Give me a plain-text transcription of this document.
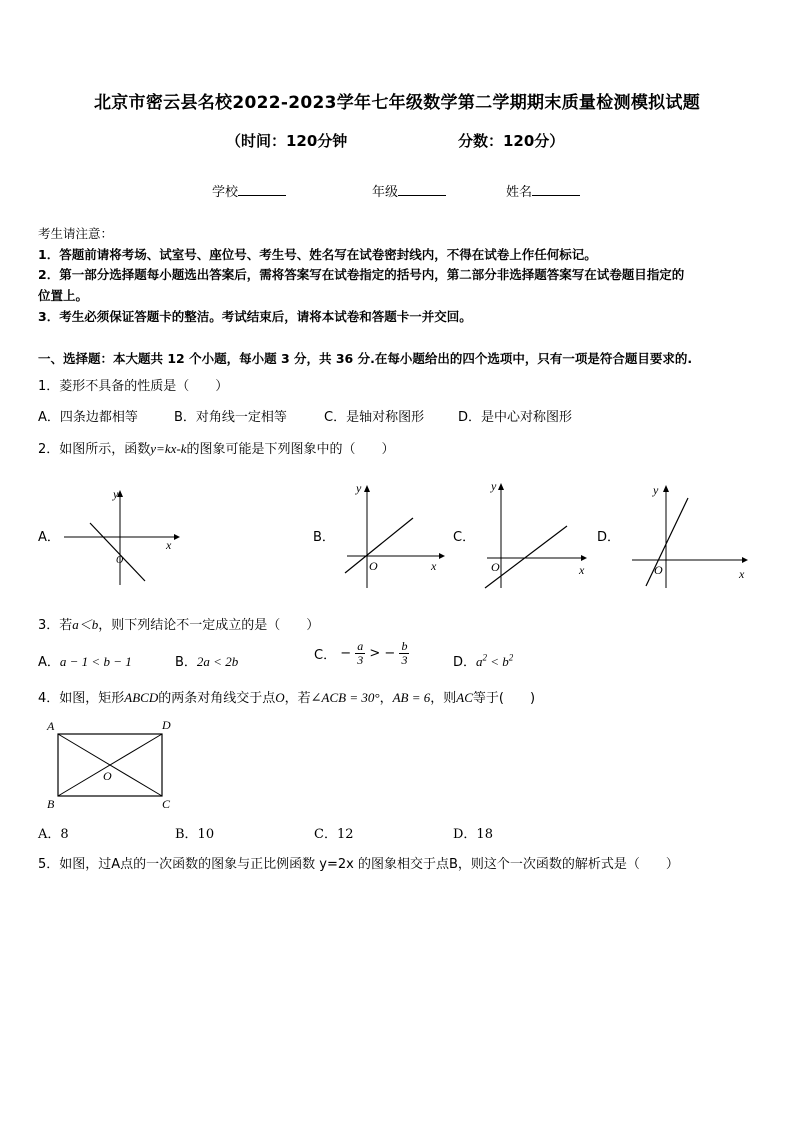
北京市密云县名校2022-2023学年七年级数学第二学期期末质量检测模拟试题
（时间：120分钟	分数：120分）
学校	年级	姓名
考生请注意：
1．答题前请将考场、试室号、座位号、考生号、姓名写在试卷密封线内，不得在试卷上作任何标记。
2．第一部分选择题每小题选出答案后，需将答案写在试卷指定的括号内，第二部分非选择题答案写在试卷题目指定的
位置上。
3．考生必须保证答题卡的整洁。考试结束后，请将本试卷和答题卡一并交回。
一、选择题：本大题共 12 个小题，每小题 3 分，共 36 分.在每小题给出的四个选项中，只有一项是符合题目要求的.
1．菱形不具备的性质是（　　）
A．四条边都相等	B．对角线一定相等	C．是轴对称图形	D．是中心对称图形
2．如图所示，函数y=kx-k的图象可能是下列图象中的（　　）
A．	x
y
O
B．
x
y
O
C．
x
y
O
D．
x
y
O
3．若a＜b，则下列结论不一定成立的是（　　）
A．a − 1 < b − 1	B．2a < 2b	C． − $\frac{a}{3}$ > − $\frac{b}{3}$	D．$a^2 < b^2$
4．如图，矩形ABCD的两条对角线交于点O，若∠ACB = 30°，AB = 6，则AC等于(　　)
A	D
B	C
O
A．8	B．10	C．12	D．18
5．如图，过A点的一次函数的图象与正比例函数 y=2x 的图象相交于点B，则这个一次函数的解析式是（　　）
